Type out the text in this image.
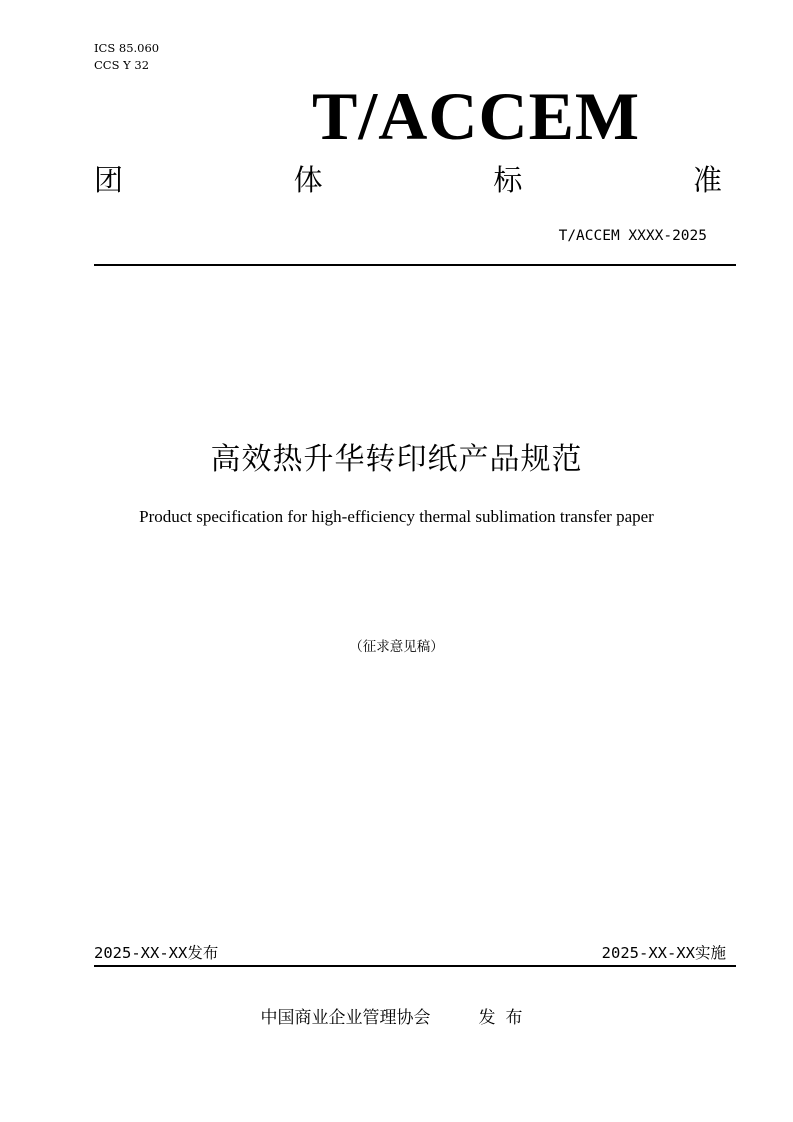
ICS 85.060
CCS Y 32
T/ACCEM
团	体	标	准
T/ACCEM XXXX-2025
高效热升华转印纸产品规范
Product specification for high-efficiency thermal sublimation transfer paper
（征求意见稿）
2025-XX-XX发布	2025-XX-XX实施
中国商业企业管理协会	发布
